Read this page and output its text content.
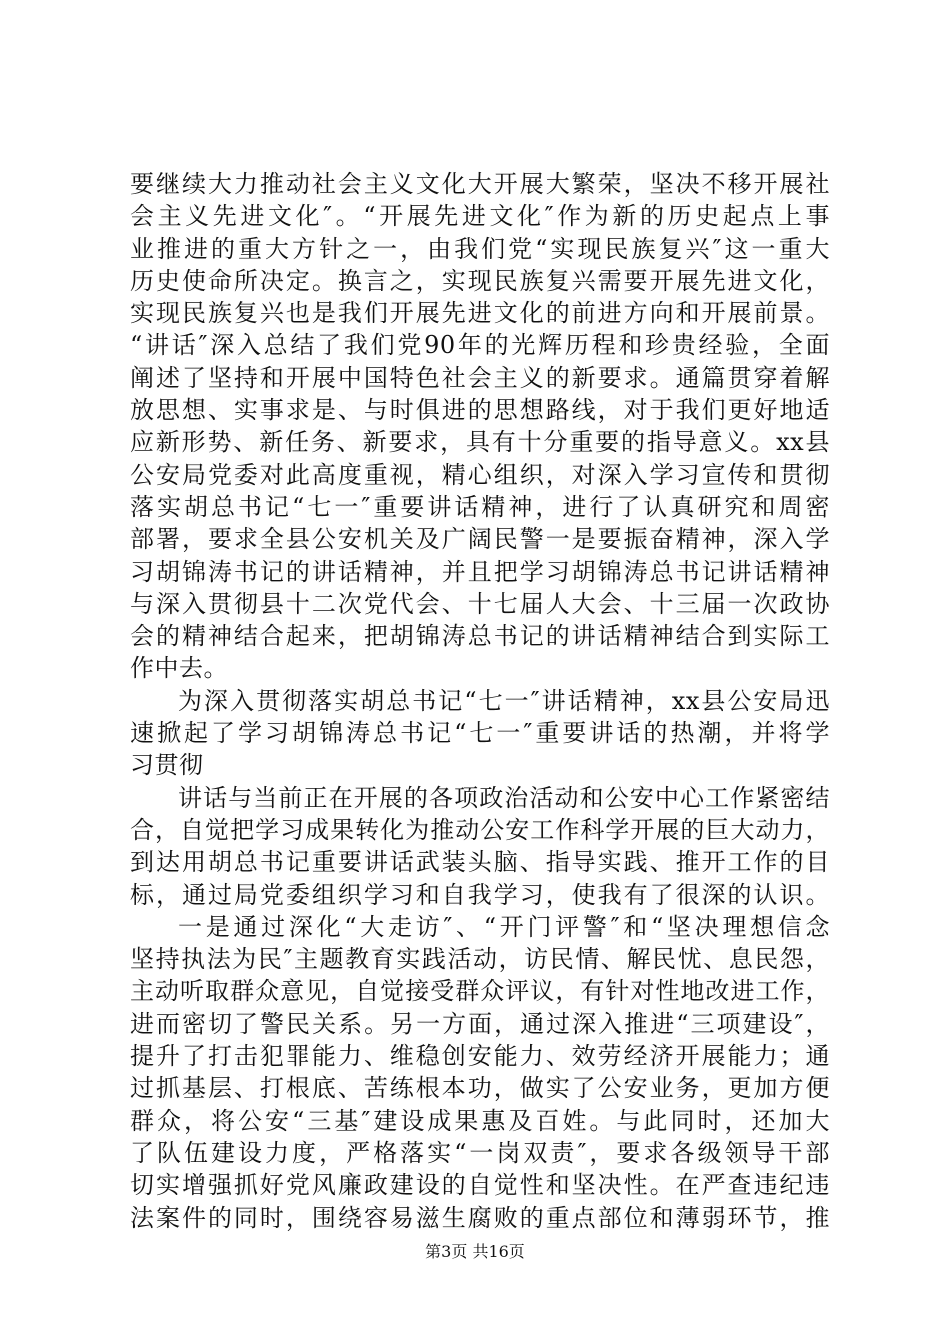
要继续大力推动社会主义文化大开展大繁荣，坚决不移开展社
会主义先进文化″。“开展先进文化″作为新的历史起点上事
业推进的重大方针之一，由我们党“实现民族复兴″这一重大
历史使命所决定。换言之，实现民族复兴需要开展先进文化，
实现民族复兴也是我们开展先进文化的前进方向和开展前景。
“讲话″深入总结了我们党90年的光辉历程和珍贵经验，全面
阐述了坚持和开展中国特色社会主义的新要求。通篇贯穿着解
放思想、实事求是、与时俱进的思想路线，对于我们更好地适
应新形势、新任务、新要求，具有十分重要的指导意义。xx县
公安局党委对此高度重视，精心组织，对深入学习宣传和贯彻
落实胡总书记“七一″重要讲话精神，进行了认真研究和周密
部署，要求全县公安机关及广阔民警一是要振奋精神，深入学
习胡锦涛书记的讲话精神，并且把学习胡锦涛总书记讲话精神
与深入贯彻县十二次党代会、十七届人大会、十三届一次政协
会的精神结合起来，把胡锦涛总书记的讲话精神结合到实际工
作中去。
为深入贯彻落实胡总书记“七一″讲话精神，xx县公安局迅
速掀起了学习胡锦涛总书记“七一″重要讲话的热潮，并将学
习贯彻
讲话与当前正在开展的各项政治活动和公安中心工作紧密结
合，自觉把学习成果转化为推动公安工作科学开展的巨大动力，
到达用胡总书记重要讲话武装头脑、指导实践、推开工作的目
标，通过局党委组织学习和自我学习，使我有了很深的认识。
一是通过深化“大走访″、“开门评警″和“坚决理想信念
坚持执法为民″主题教育实践活动，访民情、解民忧、息民怨，
主动听取群众意见，自觉接受群众评议，有针对性地改进工作，
进而密切了警民关系。另一方面，通过深入推进“三项建设″，
提升了打击犯罪能力、维稳创安能力、效劳经济开展能力；通
过抓基层、打根底、苦练根本功，做实了公安业务，更加方便
群众，将公安“三基″建设成果惠及百姓。与此同时，还加大
了队伍建设力度，严格落实“一岗双责″，要求各级领导干部
切实增强抓好党风廉政建设的自觉性和坚决性。在严查违纪违
法案件的同时，围绕容易滋生腐败的重点部位和薄弱环节，推
第3页 共16页
